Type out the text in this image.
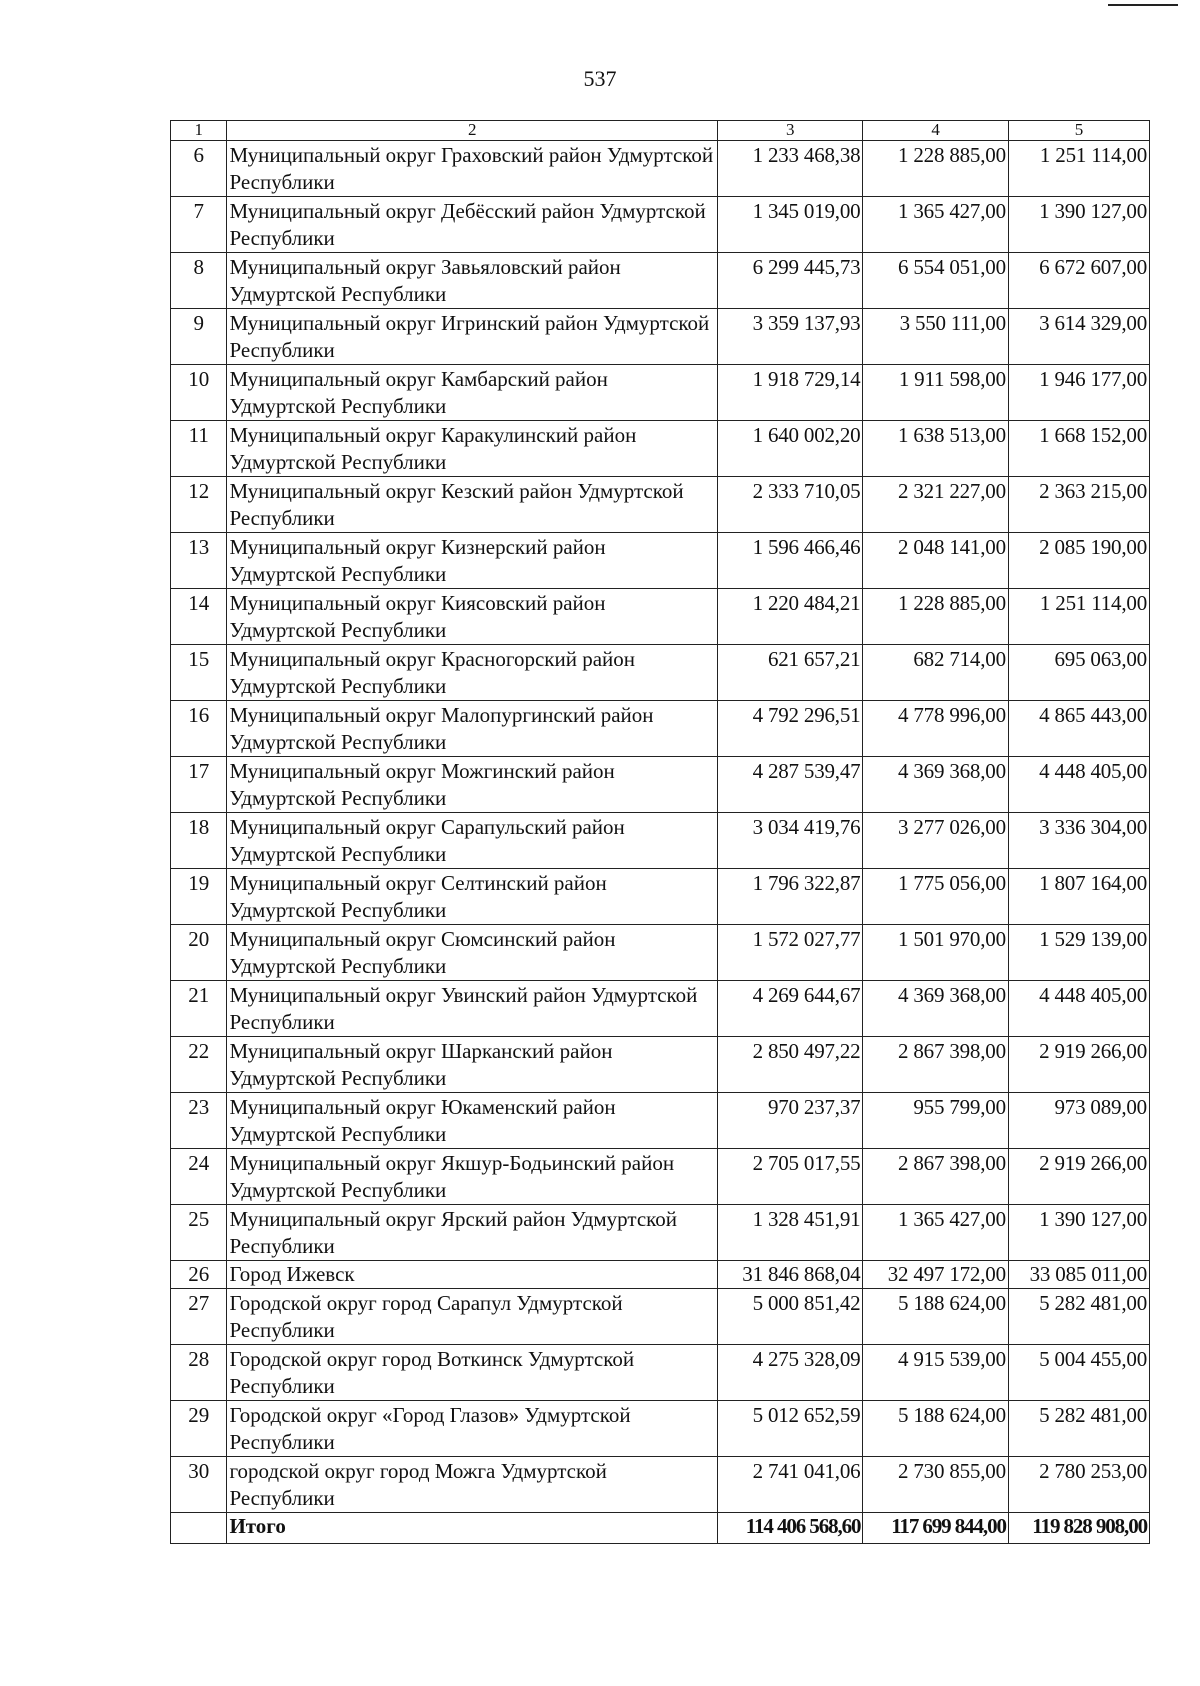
537
1	2	3	4	5
6	Муниципальный округ Граховский район Удмуртской Республики	1 233 468,38	1 228 885,00	1 251 114,00
7	Муниципальный округ Дебёсский район Удмуртской Республики	1 345 019,00	1 365 427,00	1 390 127,00
8	Муниципальный округ Завьяловский район Удмуртской Республики	6 299 445,73	6 554 051,00	6 672 607,00
9	Муниципальный округ Игринский район Удмуртской Республики	3 359 137,93	3 550 111,00	3 614 329,00
10	Муниципальный округ Камбарский район Удмуртской Республики	1 918 729,14	1 911 598,00	1 946 177,00
11	Муниципальный округ Каракулинский район Удмуртской Республики	1 640 002,20	1 638 513,00	1 668 152,00
12	Муниципальный округ Кезский район Удмуртской Республики	2 333 710,05	2 321 227,00	2 363 215,00
13	Муниципальный округ Кизнерский район Удмуртской Республики	1 596 466,46	2 048 141,00	2 085 190,00
14	Муниципальный округ Киясовский район Удмуртской Республики	1 220 484,21	1 228 885,00	1 251 114,00
15	Муниципальный округ Красногорский район Удмуртской Республики	621 657,21	682 714,00	695 063,00
16	Муниципальный округ Малопургинский район Удмуртской Республики	4 792 296,51	4 778 996,00	4 865 443,00
17	Муниципальный округ Можгинский район Удмуртской Республики	4 287 539,47	4 369 368,00	4 448 405,00
18	Муниципальный округ Сарапульский район Удмуртской Республики	3 034 419,76	3 277 026,00	3 336 304,00
19	Муниципальный округ Селтинский район Удмуртской Республики	1 796 322,87	1 775 056,00	1 807 164,00
20	Муниципальный округ Сюмсинский район Удмуртской Республики	1 572 027,77	1 501 970,00	1 529 139,00
21	Муниципальный округ Увинский район Удмуртской Республики	4 269 644,67	4 369 368,00	4 448 405,00
22	Муниципальный округ Шарканский район Удмуртской Республики	2 850 497,22	2 867 398,00	2 919 266,00
23	Муниципальный округ Юкаменский район Удмуртской Республики	970 237,37	955 799,00	973 089,00
24	Муниципальный округ Якшур-Бодьинский район Удмуртской Республики	2 705 017,55	2 867 398,00	2 919 266,00
25	Муниципальный округ Ярский район Удмуртской Республики	1 328 451,91	1 365 427,00	1 390 127,00
26	Город Ижевск	31 846 868,04	32 497 172,00	33 085 011,00
27	Городской округ город Сарапул Удмуртской Республики	5 000 851,42	5 188 624,00	5 282 481,00
28	Городской округ город Воткинск Удмуртской Республики	4 275 328,09	4 915 539,00	5 004 455,00
29	Городской округ «Город Глазов» Удмуртской Республики	5 012 652,59	5 188 624,00	5 282 481,00
30	городской округ город Можга Удмуртской Республики	2 741 041,06	2 730 855,00	2 780 253,00
	Итого	114 406 568,60	117 699 844,00	119 828 908,00
